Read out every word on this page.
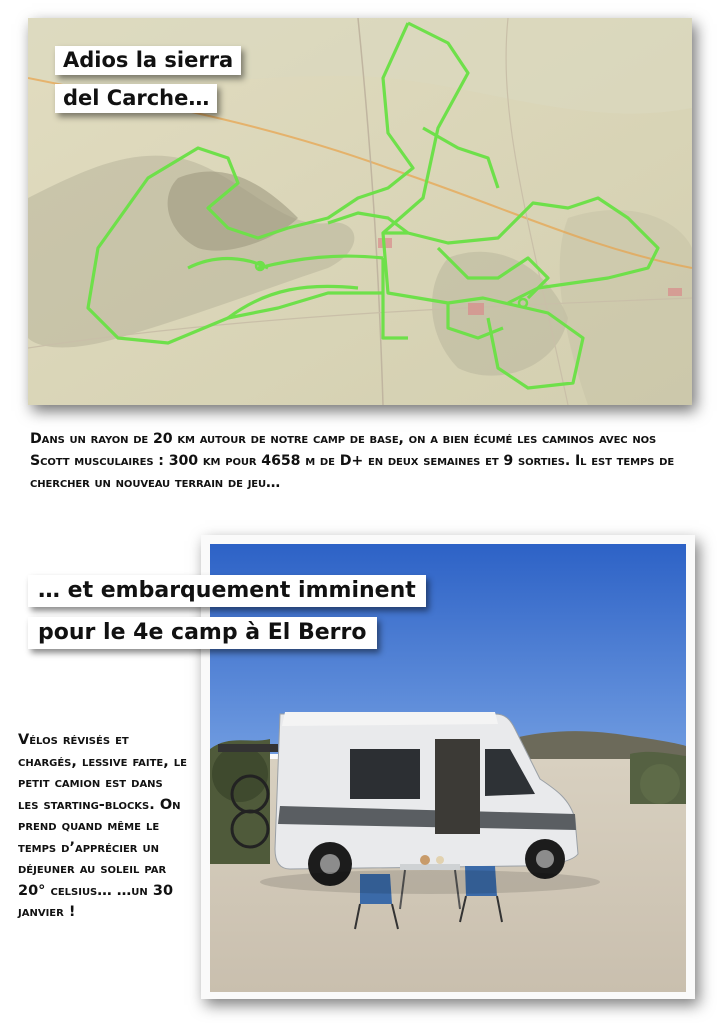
Adios la sierra
del Carche…
Dans un rayon de 20 km autour de notre camp de base, on a bien écumé les caminos avec nos Scott musculaires : 300 km pour 4658 m de D+ en deux semaines et 9 sorties. Il est temps de chercher un nouveau terrain de jeu…
… et embarquement imminent
pour le 4e camp à El Berro
Vélos révisés et chargés, lessive faite, le petit camion est dans les starting-blocks. On prend quand même le temps d’apprécier un déjeuner au soleil par 20° celsius… …un 30 janvier !
